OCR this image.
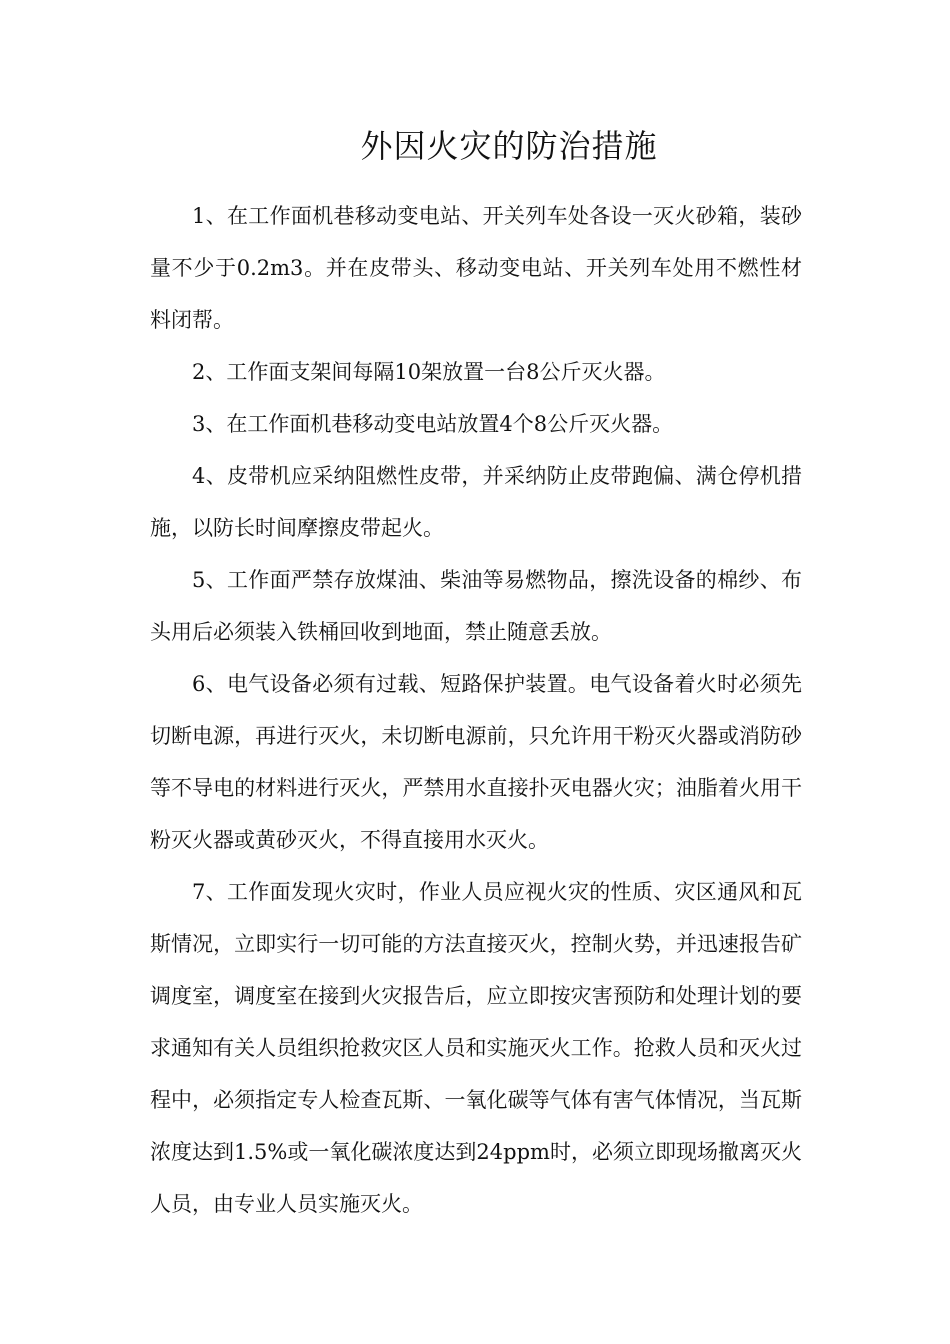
外因火灾的防治措施

1、在工作面机巷移动变电站、开关列车处各设一灭火砂箱，装砂量不少于0.2m3。并在皮带头、移动变电站、开关列车处用不燃性材料闭帮。

2、工作面支架间每隔10架放置一台8公斤灭火器。

3、在工作面机巷移动变电站放置4个8公斤灭火器。

4、皮带机应采纳阻燃性皮带，并采纳防止皮带跑偏、满仓停机措施，以防长时间摩擦皮带起火。

5、工作面严禁存放煤油、柴油等易燃物品，擦洗设备的棉纱、布头用后必须装入铁桶回收到地面，禁止随意丢放。

6、电气设备必须有过载、短路保护装置。电气设备着火时必须先切断电源，再进行灭火，未切断电源前，只允许用干粉灭火器或消防砂等不导电的材料进行灭火，严禁用水直接扑灭电器火灾；油脂着火用干粉灭火器或黄砂灭火，不得直接用水灭火。

7、工作面发现火灾时，作业人员应视火灾的性质、灾区通风和瓦斯情况，立即实行一切可能的方法直接灭火，控制火势，并迅速报告矿调度室，调度室在接到火灾报告后，应立即按灾害预防和处理计划的要求通知有关人员组织抢救灾区人员和实施灭火工作。抢救人员和灭火过程中，必须指定专人检查瓦斯、一氧化碳等气体有害气体情况，当瓦斯浓度达到1.5%或一氧化碳浓度达到24ppm时，必须立即现场撤离灭火人员，由专业人员实施灭火。
